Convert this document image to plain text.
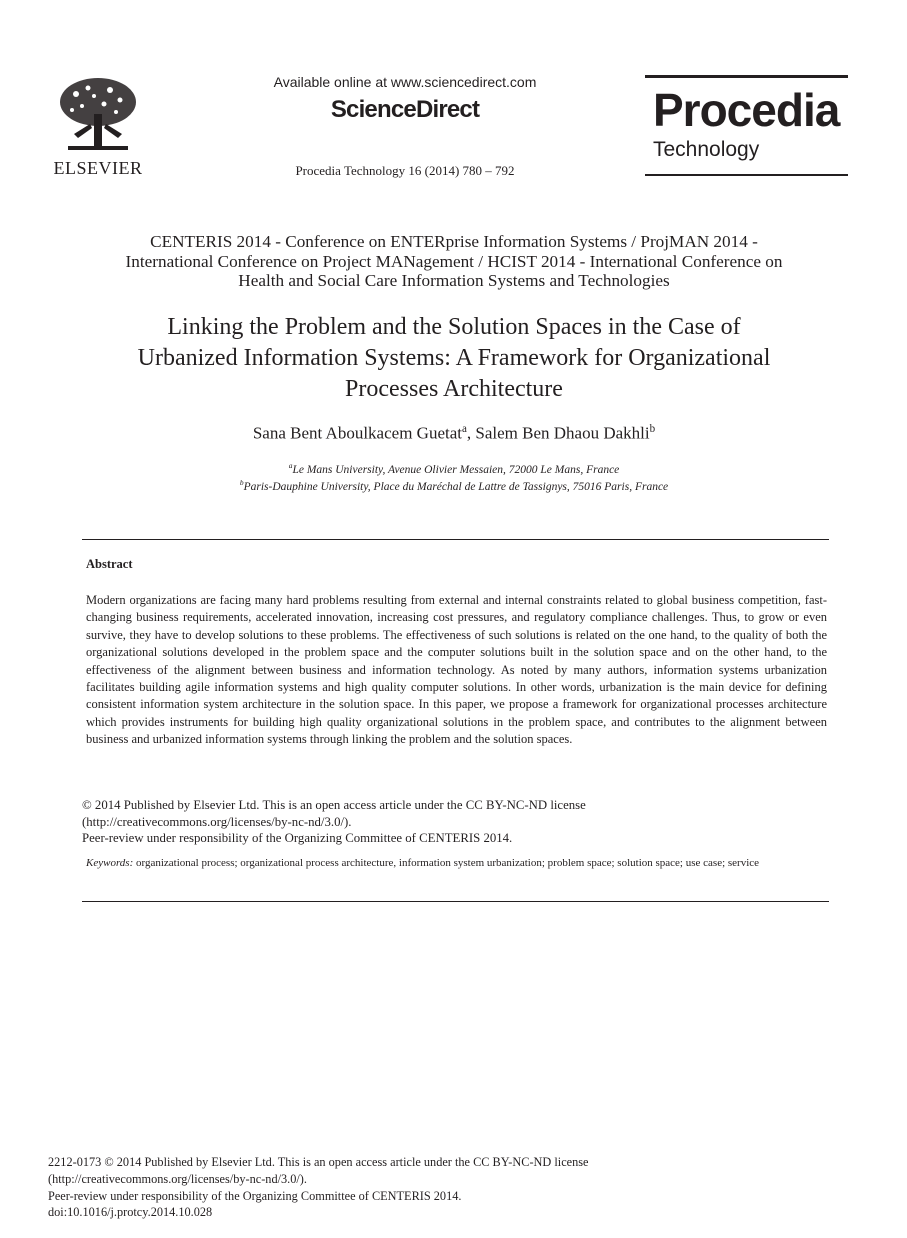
ELSEVIER
Available online at www.sciencedirect.com
ScienceDirect
Procedia Technology 16 (2014) 780 – 792
Procedia
Technology
CENTERIS 2014 - Conference on ENTERprise Information Systems / ProjMAN 2014 -
International Conference on Project MANagement / HCIST 2014 - International Conference on
Health and Social Care Information Systems and Technologies
Linking the Problem and the Solution Spaces in the Case of
Urbanized Information Systems: A Framework for Organizational
Processes Architecture
Sana Bent Aboulkacem Guetat$^a$, Salem Ben Dhaou Dakhli$^b$
$^a$Le Mans University, Avenue Olivier Messaien, 72000 Le Mans, France
$^b$Paris-Dauphine University, Place du Maréchal de Lattre de Tassignys, 75016 Paris, France
Abstract
Modern organizations are facing many hard problems resulting from external and internal constraints related to global business competition, fast-changing business requirements, accelerated innovation, increasing cost pressures, and regulatory compliance challenges. Thus, to grow or even survive, they have to develop solutions to these problems. The effectiveness of such solutions is related on the one hand, to the quality of both the organizational solutions developed in the problem space and the computer solutions built in the solution space and on the other hand, to the effectiveness of the alignment between business and information technology. As noted by many authors, information systems urbanization facilitates building agile information systems and high quality computer solutions. In other words, urbanization is the main device for defining consistent information system architecture in the solution space. In this paper, we propose a framework for organizational processes architecture which provides instruments for building high quality organizational solutions in the problem space, and contributes to the alignment between business and urbanized information systems through linking the problem and the solution spaces.
© 2014 Published by Elsevier Ltd. This is an open access article under the CC BY-NC-ND license
(http://creativecommons.org/licenses/by-nc-nd/3.0/).
Peer-review under responsibility of the Organizing Committee of CENTERIS 2014.
Keywords: organizational process; organizational process architecture, information system urbanization; problem space; solution space; use case; service
2212-0173 © 2014 Published by Elsevier Ltd. This is an open access article under the CC BY-NC-ND license
(http://creativecommons.org/licenses/by-nc-nd/3.0/).
Peer-review under responsibility of the Organizing Committee of CENTERIS 2014.
doi:10.1016/j.protcy.2014.10.028
